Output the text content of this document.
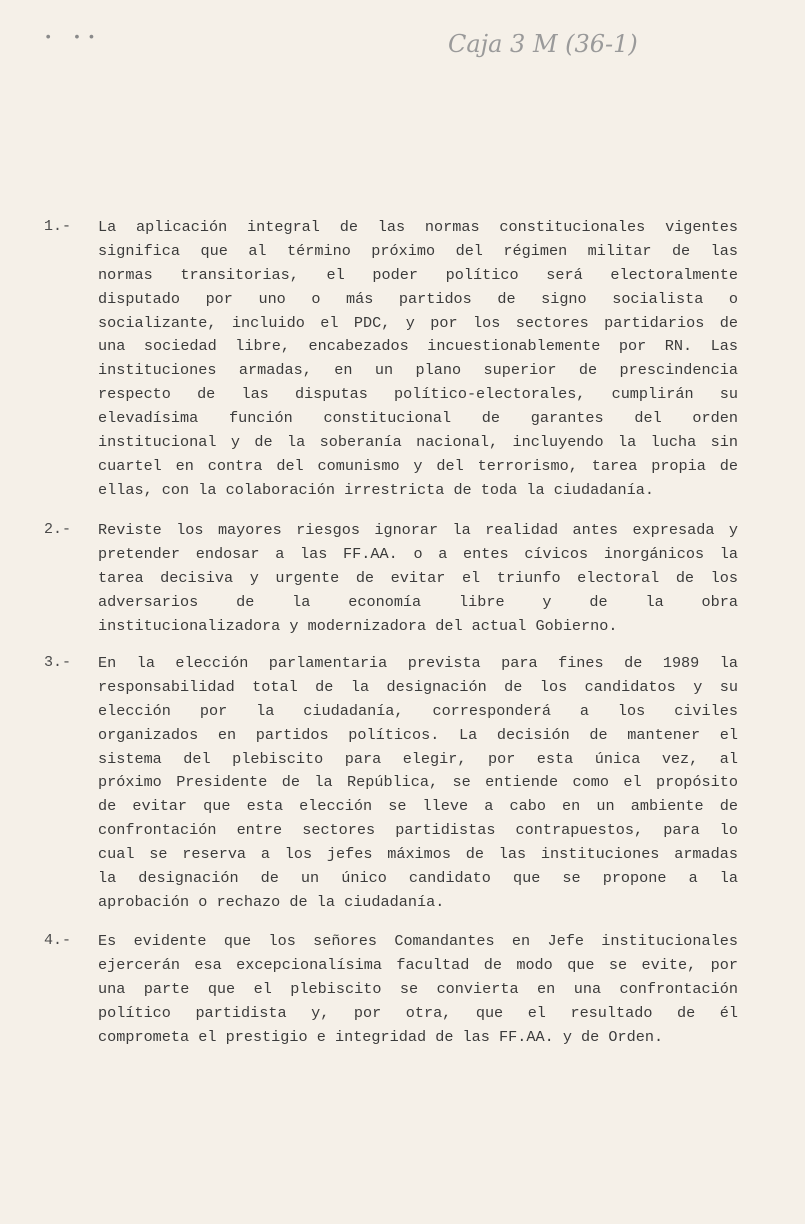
• ••	Caja 3 M (36-1)
1.- La aplicación integral de las normas constitucionales vigentes
significa que al término próximo del régimen militar de las
normas transitorias, el poder político será electoralmente
disputado por uno o más partidos de signo socialista o
socializante, incluido el PDC, y por los sectores partidarios de
una sociedad libre, encabezados incuestionablemente por RN. Las
instituciones armadas, en un plano superior de prescindencia
respecto de las disputas político-electorales, cumplirán su
elevadísima función constitucional de garantes del orden
institucional y de la soberanía nacional, incluyendo la lucha sin
cuartel en contra del comunismo y del terrorismo, tarea propia de
ellas, con la colaboración irrestricta de toda la ciudadanía.
2.- Reviste los mayores riesgos ignorar la realidad antes expresada y
pretender endosar a las FF.AA. o a entes cívicos inorgánicos la
tarea decisiva y urgente de evitar el triunfo electoral de los
adversarios de la economía libre y de la obra
institucionalizadora y modernizadora del actual Gobierno.
3.- En la elección parlamentaria prevista para fines de 1989 la
responsabilidad total de la designación de los candidatos y su
elección por la ciudadanía, corresponderá a los civiles
organizados en partidos políticos. La decisión de mantener el
sistema del plebiscito para elegir, por esta única vez, al
próximo Presidente de la República, se entiende como el propósito
de evitar que esta elección se lleve a cabo en un ambiente de
confrontación entre sectores partidistas contrapuestos, para lo
cual se reserva a los jefes máximos de las instituciones armadas
la designación de un único candidato que se propone a la
aprobación o rechazo de la ciudadanía.
4.- Es evidente que los señores Comandantes en Jefe institucionales
ejercerán esa excepcionalísima facultad de modo que se evite, por
una parte que el plebiscito se convierta en una confrontación
político partidista y, por otra, que el resultado de él
comprometa el prestigio e integridad de las FF.AA. y de Orden.
